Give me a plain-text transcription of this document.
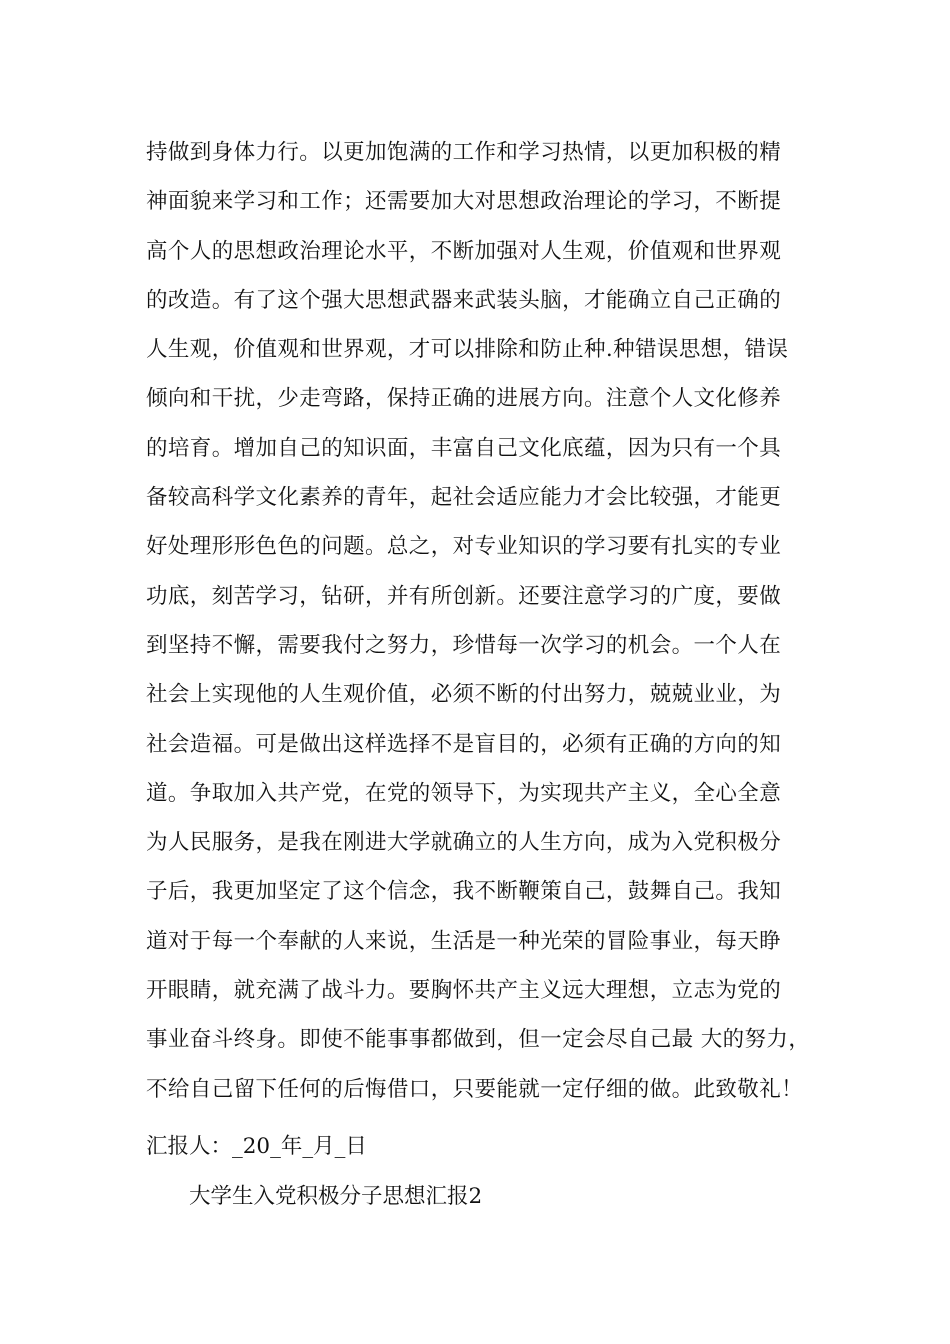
持做到身体力行。以更加饱满的工作和学习热情，以更加积极的精
神面貌来学习和工作；还需要加大对思想政治理论的学习，不断提
高个人的思想政治理论水平，不断加强对人生观，价值观和世界观
的改造。有了这个强大思想武器来武装头脑，才能确立自己正确的
人生观，价值观和世界观，才可以排除和防止种.种错误思想，错误
倾向和干扰，少走弯路，保持正确的进展方向。注意个人文化修养
的培育。增加自己的知识面，丰富自己文化底蕴，因为只有一个具
备较高科学文化素养的青年，起社会适应能力才会比较强，才能更
好处理形形色色的问题。总之，对专业知识的学习要有扎实的专业
功底，刻苦学习，钻研，并有所创新。还要注意学习的广度，要做
到坚持不懈，需要我付之努力，珍惜每一次学习的机会。一个人在
社会上实现他的人生观价值，必须不断的付出努力，兢兢业业，为
社会造福。可是做出这样选择不是盲目的，必须有正确的方向的知
道。争取加入共产党，在党的领导下，为实现共产主义，全心全意
为人民服务，是我在刚进大学就确立的人生方向，成为入党积极分
子后，我更加坚定了这个信念，我不断鞭策自己，鼓舞自己。我知
道对于每一个奉献的人来说，生活是一种光荣的冒险事业，每天睁
开眼睛，就充满了战斗力。要胸怀共产主义远大理想，立志为党的
事业奋斗终身。即使不能事事都做到，但一定会尽自己最 大的努力，
不给自己留下任何的后悔借口，只要能就一定仔细的做。此致敬礼！
汇报人：_20_年_月_日
大学生入党积极分子思想汇报2
